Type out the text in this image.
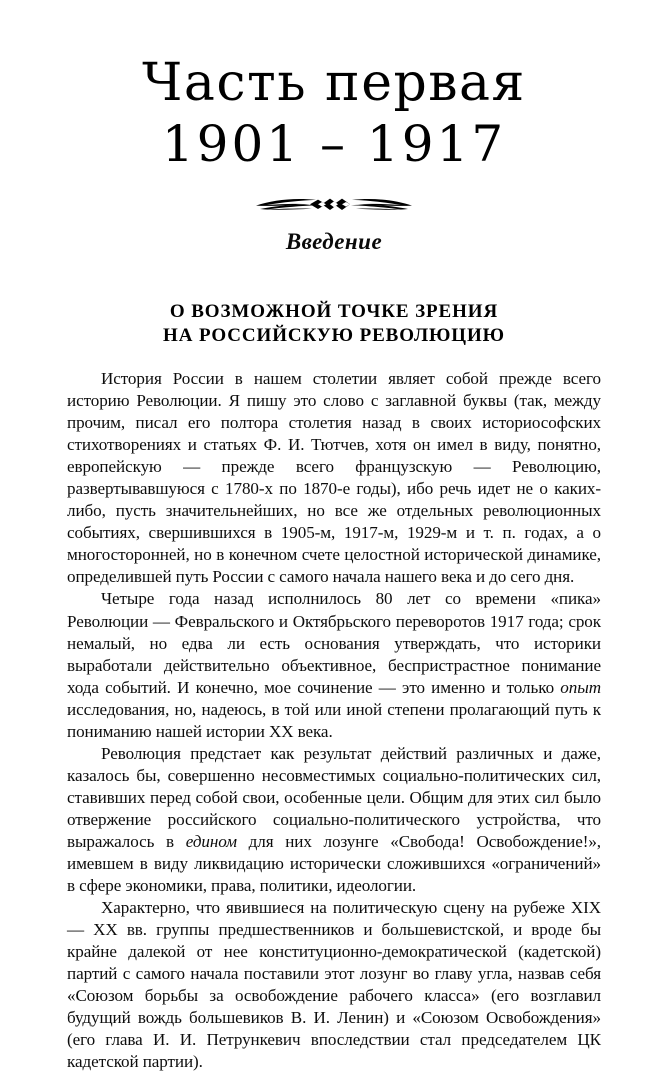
Часть первая
1901 – 1917
Введение
О ВОЗМОЖНОЙ ТОЧКЕ ЗРЕНИЯ
НА РОССИЙСКУЮ РЕВОЛЮЦИЮ

История России в нашем столетии являет собой прежде всего историю Революции. Я пишу это слово с заглавной буквы (так, между прочим, писал его полтора столетия назад в своих историософских стихотворениях и статьях Ф. И. Тютчев, хотя он имел в виду, понятно, европейскую — прежде всего французскую — Революцию, развертывавшуюся с 1780-х по 1870-е годы), ибо речь идет не о каких-либо, пусть значительнейших, но все же отдельных революционных событиях, свершившихся в 1905-м, 1917-м, 1929-м и т. п. годах, а о многосторонней, но в конечном счете целостной исторической динамике, определившей путь России с самого начала нашего века и до сего дня.

Четыре года назад исполнилось 80 лет со времени «пика» Революции — Февральского и Октябрьского переворотов 1917 года; срок немалый, но едва ли есть основания утверждать, что историки выработали действительно объективное, беспристрастное понимание хода событий. И конечно, мое сочинение — это именно и только опыт исследования, но, надеюсь, в той или иной степени пролагающий путь к пониманию нашей истории XX века.

Революция предстает как результат действий различных и даже, казалось бы, совершенно несовместимых социально-политических сил, ставивших перед собой свои, особенные цели. Общим для этих сил было отвержение российского социально-политического устройства, что выражалось в едином для них лозунге «Свобода! Освобождение!», имевшем в виду ликвидацию исторически сложившихся «ограничений» в сфере экономики, права, политики, идеологии.

Характерно, что явившиеся на политическую сцену на рубеже XIX— XX вв. группы предшественников и большевистской, и вроде бы крайне далекой от нее конституционно-демократической (кадетской) партий с самого начала поставили этот лозунг во главу угла, назвав себя «Союзом борьбы за освобождение рабочего класса» (его возглавил будущий вождь большевиков В. И. Ленин) и «Союзом Освобождения» (его глава И. И. Петрункевич впоследствии стал председателем ЦК кадетской партии).
